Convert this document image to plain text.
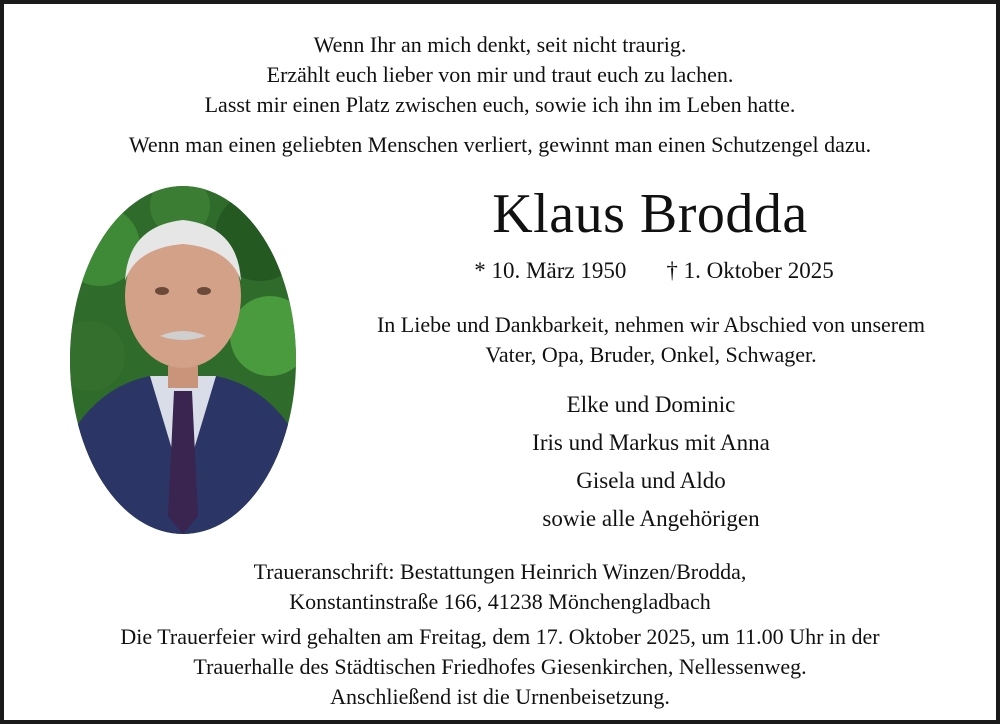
Wenn Ihr an mich denkt, seit nicht traurig.
Erzählt euch lieber von mir und traut euch zu lachen.
Lasst mir einen Platz zwischen euch, sowie ich ihn im Leben hatte.
Wenn man einen geliebten Menschen verliert, gewinnt man einen Schutzengel dazu.
Klaus Brodda
* 10. März 1950 † 1. Oktober 2025
In Liebe und Dankbarkeit, nehmen wir Abschied von unserem
Vater, Opa, Bruder, Onkel, Schwager.
Elke und Dominic
Iris und Markus mit Anna
Gisela und Aldo
sowie alle Angehörigen
Traueranschrift: Bestattungen Heinrich Winzen/Brodda,
Konstantinstraße 166, 41238 Mönchengladbach
Die Trauerfeier wird gehalten am Freitag, dem 17. Oktober 2025, um 11.00 Uhr in der
Trauerhalle des Städtischen Friedhofes Giesenkirchen, Nellessenweg.
Anschließend ist die Urnenbeisetzung.
